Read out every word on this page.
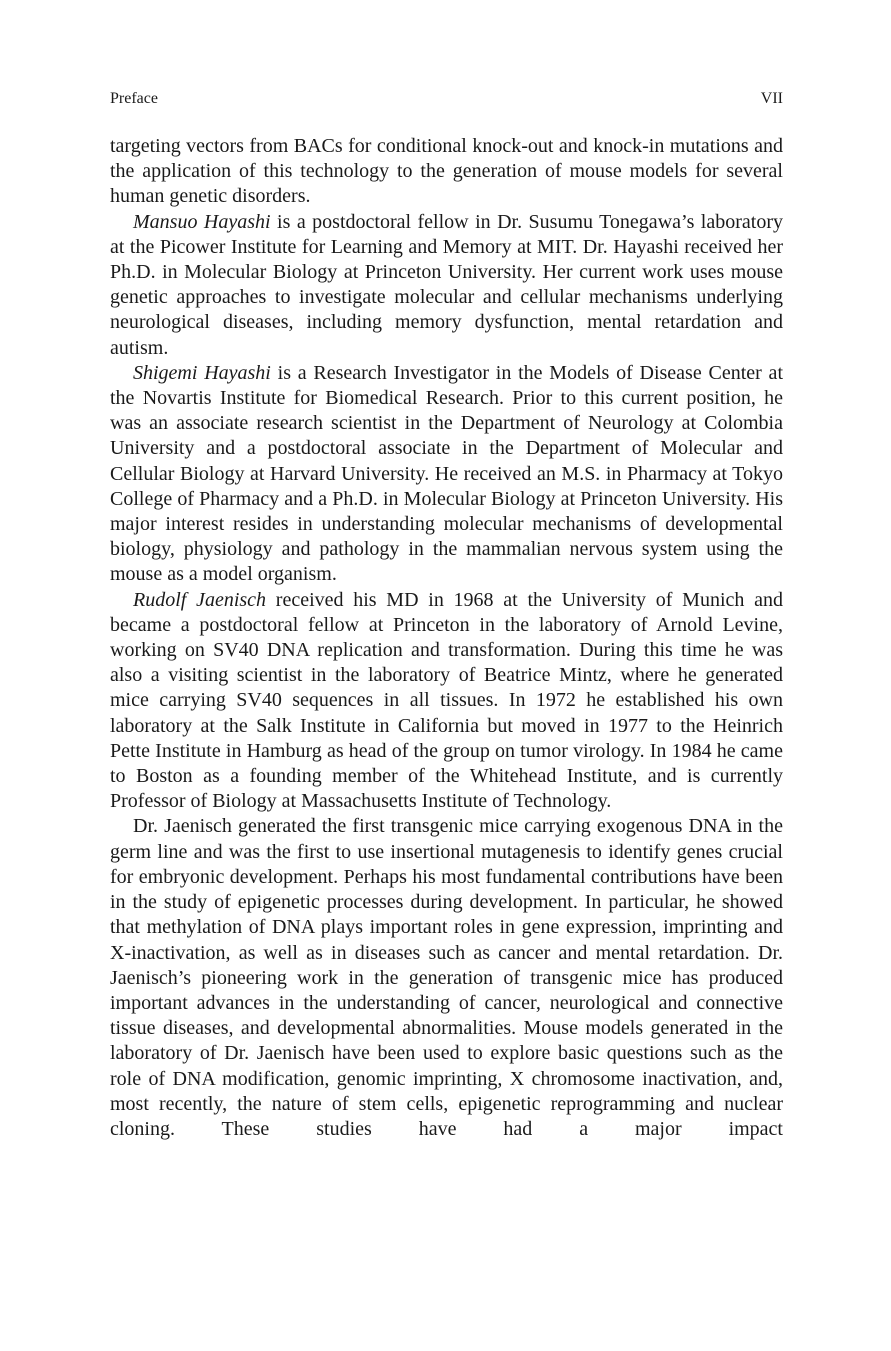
Preface	VII

targeting vectors from BACs for conditional knock-out and knock-in mutations and the application of this technology to the generation of mouse models for several human genetic disorders.

Mansuo Hayashi is a postdoctoral fellow in Dr. Susumu Tonegawa’s laboratory at the Picower Institute for Learning and Memory at MIT. Dr. Hayashi received her Ph.D. in Molecular Biology at Princeton University. Her current work uses mouse genetic approaches to investigate molecular and cellular mechanisms underlying neurological diseases, including memory dysfunction, mental retardation and autism.

Shigemi Hayashi is a Research Investigator in the Models of Disease Center at the Novartis Institute for Biomedical Research. Prior to this current position, he was an associate research scientist in the Department of Neurology at Colombia University and a postdoctoral associate in the Department of Molecular and Cellular Biology at Harvard University. He received an M.S. in Pharmacy at Tokyo College of Pharmacy and a Ph.D. in Molecular Biology at Princeton University. His major interest resides in understanding molecular mechanisms of developmental biology, physiology and pathology in the mammalian nervous system using the mouse as a model organism.

Rudolf Jaenisch received his MD in 1968 at the University of Munich and became a postdoctoral fellow at Princeton in the laboratory of Arnold Levine, working on SV40 DNA replication and transformation. During this time he was also a visiting scientist in the laboratory of Beatrice Mintz, where he generated mice carrying SV40 sequences in all tissues. In 1972 he established his own laboratory at the Salk Institute in California but moved in 1977 to the Heinrich Pette Institute in Hamburg as head of the group on tumor virology. In 1984 he came to Boston as a founding member of the Whitehead Institute, and is currently Professor of Biology at Massachusetts Institute of Technology.

Dr. Jaenisch generated the first transgenic mice carrying exogenous DNA in the germ line and was the first to use insertional mutagenesis to identify genes crucial for embryonic development. Perhaps his most fundamental contributions have been in the study of epigenetic processes during development. In particular, he showed that methylation of DNA plays important roles in gene expression, imprinting and X-inactivation, as well as in diseases such as cancer and mental retardation. Dr. Jaenisch’s pioneering work in the generation of transgenic mice has produced important advances in the understanding of cancer, neurological and connective tissue diseases, and developmental abnormalities. Mouse models generated in the laboratory of Dr. Jaenisch have been used to explore basic questions such as the role of DNA modification, genomic imprinting, X chromosome inactivation, and, most recently, the nature of stem cells, epigenetic reprogramming and nuclear cloning. These studies have had a major impact
